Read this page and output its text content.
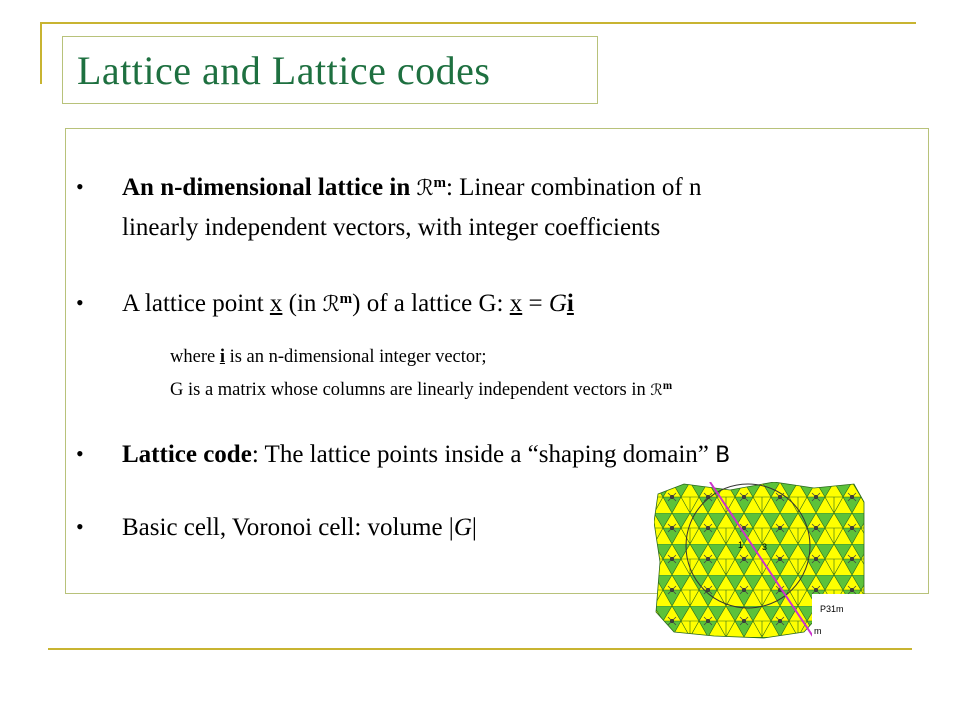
Lattice and Lattice codes
• An n-dimensional lattice in ℛ$^m$: Linear combination of n
linearly independent vectors, with integer coefficients
• A lattice point x (in ℛ$^m$) of a lattice G: x = Gi
where i is an n-dimensional integer vector;
G is a matrix whose columns are linearly independent vectors in ℛ$^m$
• Lattice code: The lattice points inside a “shaping domain” B
• Basic cell, Voronoi cell: volume |G|
1 3
P31m
m
